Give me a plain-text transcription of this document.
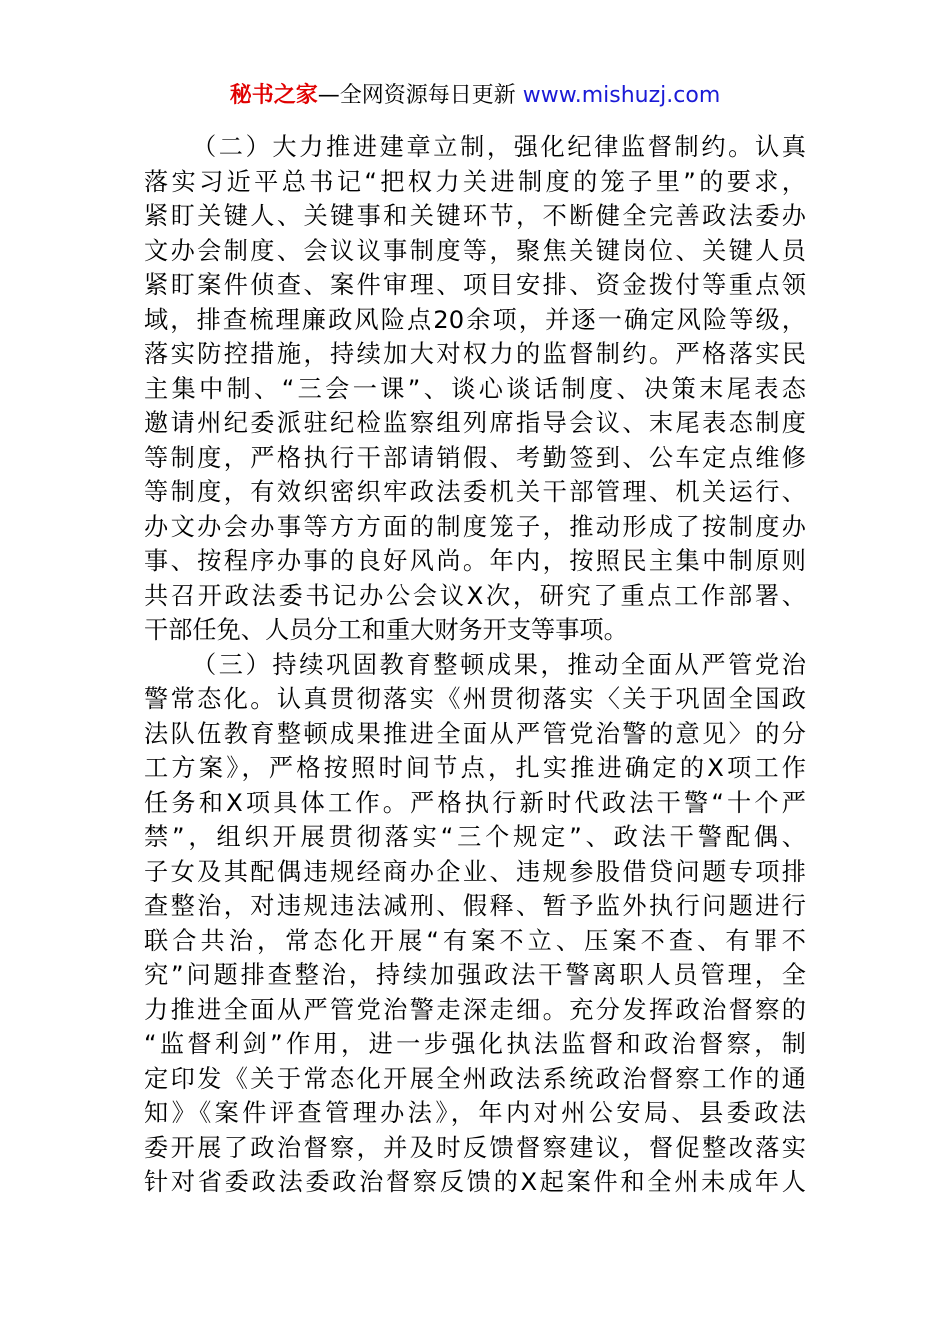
秘书之家—全网资源每日更新 www.mishuzj.com
（二）大力推进建章立制，强化纪律监督制约。认真
落实习近平总书记“把权力关进制度的笼子里”的要求，
紧盯关键人、关键事和关键环节，不断健全完善政法委办
文办会制度、会议议事制度等，聚焦关键岗位、关键人员
紧盯案件侦查、案件审理、项目安排、资金拨付等重点领
域，排查梳理廉政风险点20余项，并逐一确定风险等级，
落实防控措施，持续加大对权力的监督制约。严格落实民
主集中制、“三会一课”、谈心谈话制度、决策末尾表态
邀请州纪委派驻纪检监察组列席指导会议、末尾表态制度
等制度，严格执行干部请销假、考勤签到、公车定点维修
等制度，有效织密织牢政法委机关干部管理、机关运行、
办文办会办事等方方面的制度笼子，推动形成了按制度办
事、按程序办事的良好风尚。年内，按照民主集中制原则
共召开政法委书记办公会议X次，研究了重点工作部署、
干部任免、人员分工和重大财务开支等事项。
（三）持续巩固教育整顿成果，推动全面从严管党治
警常态化。认真贯彻落实《州贯彻落实〈关于巩固全国政
法队伍教育整顿成果推进全面从严管党治警的意见〉的分
工方案》，严格按照时间节点，扎实推进确定的X项工作
任务和X项具体工作。严格执行新时代政法干警“十个严
禁”，组织开展贯彻落实“三个规定”、政法干警配偶、
子女及其配偶违规经商办企业、违规参股借贷问题专项排
查整治，对违规违法减刑、假释、暂予监外执行问题进行
联合共治，常态化开展“有案不立、压案不查、有罪不
究”问题排查整治，持续加强政法干警离职人员管理，全
力推进全面从严管党治警走深走细。充分发挥政治督察的
“监督利剑”作用，进一步强化执法监督和政治督察，制
定印发《关于常态化开展全州政法系统政治督察工作的通
知》《案件评查管理办法》，年内对州公安局、县委政法
委开展了政治督察，并及时反馈督察建议，督促整改落实
针对省委政法委政治督察反馈的X起案件和全州未成年人
